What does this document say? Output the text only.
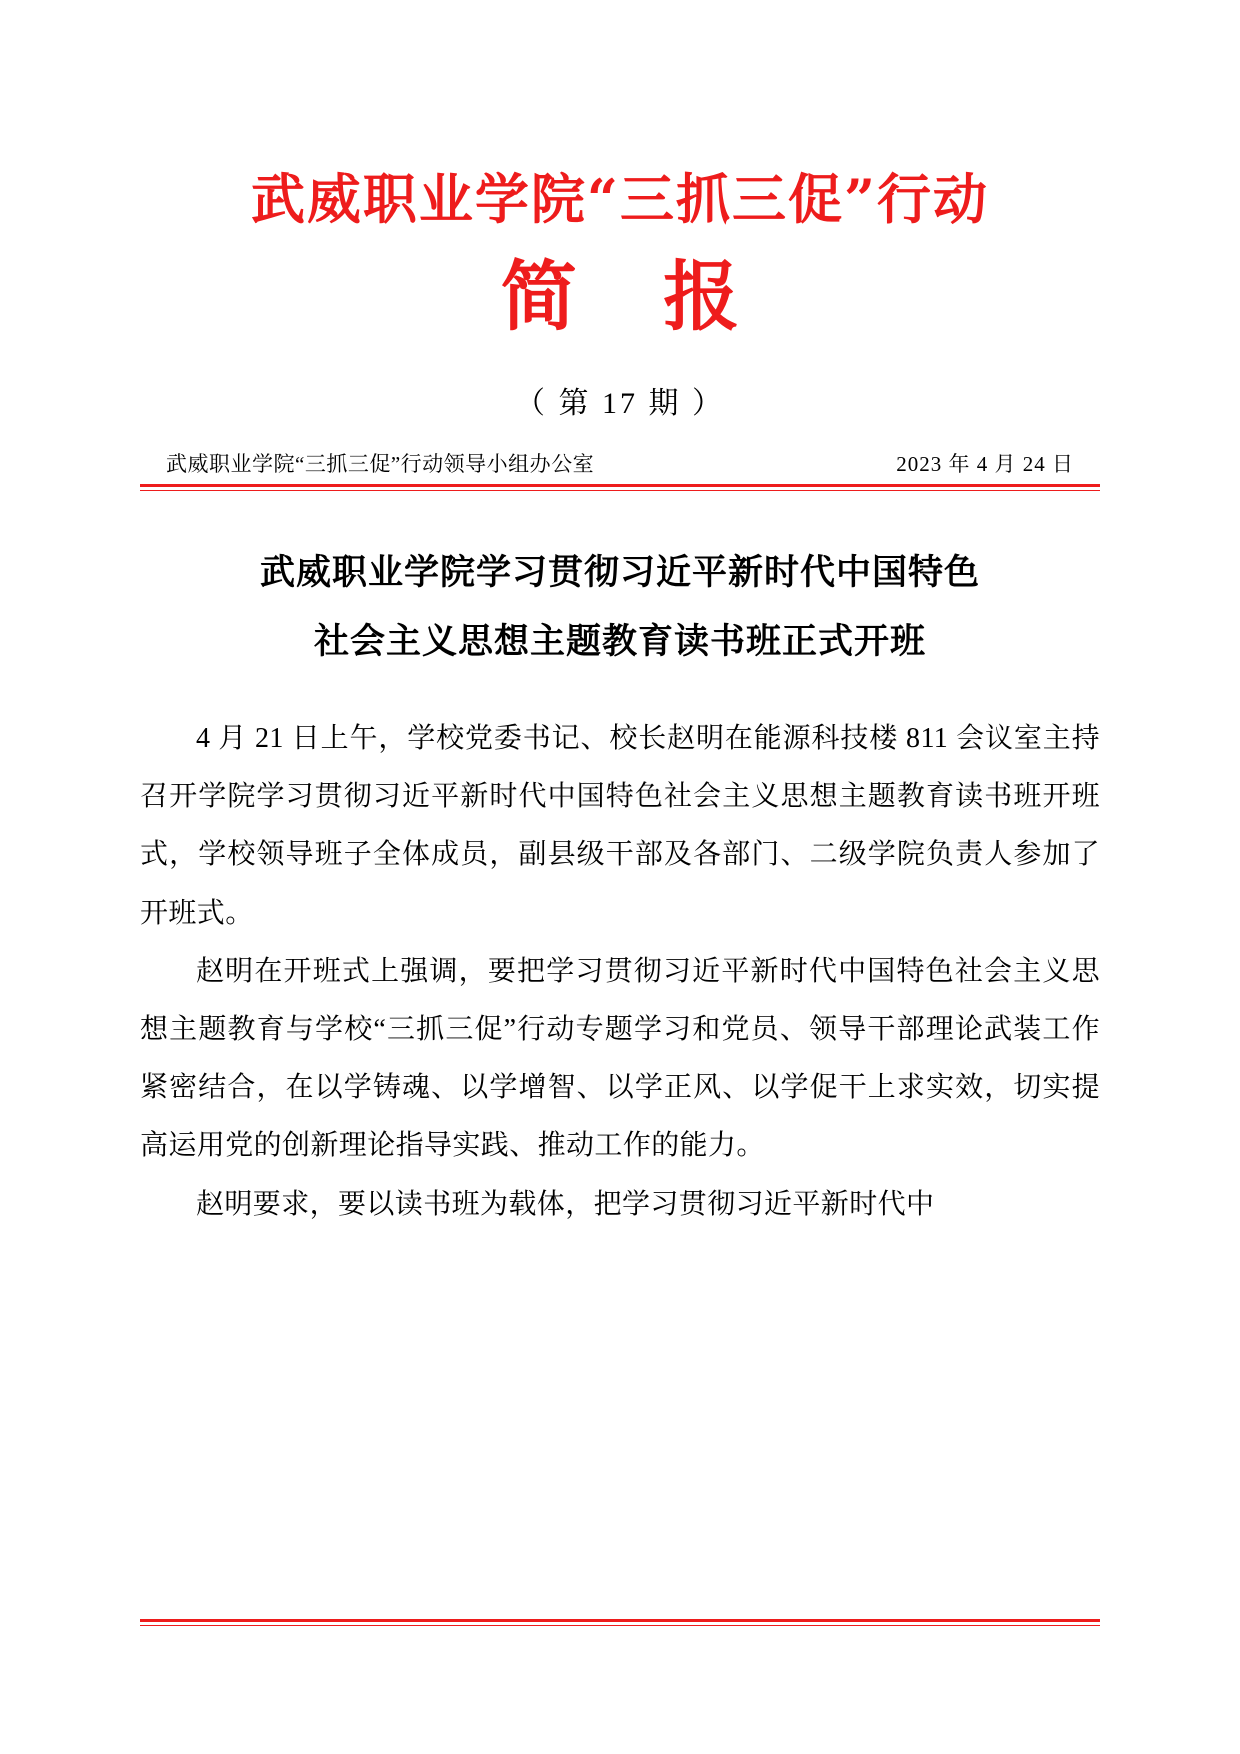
武威职业学院“三抓三促”行动
简 报
（ 第 17 期 ）
武威职业学院“三抓三促”行动领导小组办公室	2023 年 4 月 24 日
武威职业学院学习贯彻习近平新时代中国特色
社会主义思想主题教育读书班正式开班

4 月 21 日上午，学校党委书记、校长赵明在能源科技楼 811 会议室主持召开学院学习贯彻习近平新时代中国特色社会主义思想主题教育读书班开班式，学校领导班子全体成员，副县级干部及各部门、二级学院负责人参加了开班式。

赵明在开班式上强调，要把学习贯彻习近平新时代中国特色社会主义思想主题教育与学校“三抓三促”行动专题学习和党员、领导干部理论武装工作紧密结合，在以学铸魂、以学增智、以学正风、以学促干上求实效，切实提高运用党的创新理论指导实践、推动工作的能力。

赵明要求，要以读书班为载体，把学习贯彻习近平新时代中
